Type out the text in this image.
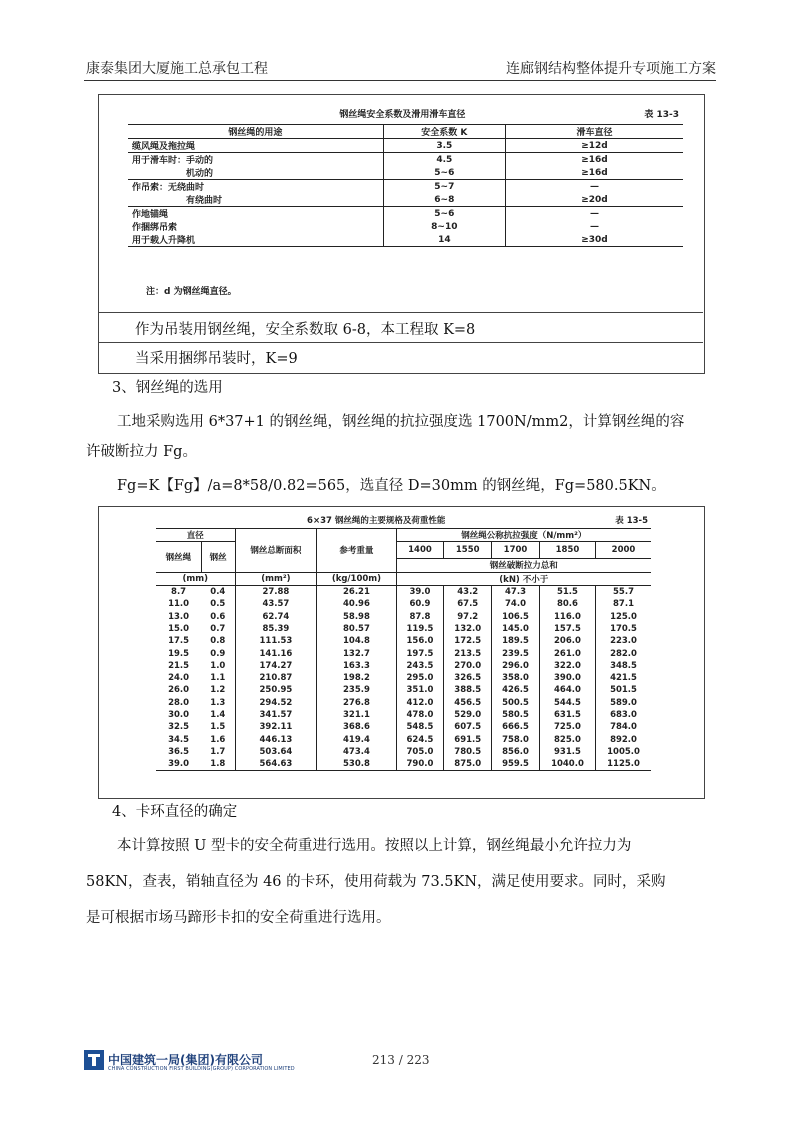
康泰集团大厦施工总承包工程	连廊钢结构整体提升专项施工方案
钢丝绳安全系数及滑用滑车直径		表 13-3
钢丝绳的用途	安全系数 K	滑车直径
缆风绳及拖拉绳	3.5	≥12d
用于滑车时：手动的	4.5	≥16d
机动的	5~6	≥16d
作吊索：无绕曲时	5~7	—
有绕曲时	6~8	≥20d
作地锚绳	5~6	—
作捆绑吊索	8~10	—
用于载人升降机	14	≥30d
注：d 为钢丝绳直径。
作为吊装用钢丝绳，安全系数取 6-8，本工程取 K=8
当采用捆绑吊装时，K=9
3、钢丝绳的选用
工地采购选用 6*37+1 的钢丝绳，钢丝绳的抗拉强度选 1700N/mm2，计算钢丝绳的容
许破断拉力 Fg。
Fg=K【Fg】/a=8*58/0.82=565，选直径 D=30mm 的钢丝绳，Fg=580.5KN。
6×37 钢丝绳的主要规格及荷重性能							表 13-5	
直径		钢丝总断面积	参考重量	钢丝绳公称抗拉强度（N/mm²）				
钢丝绳	钢丝			1400	1550	1700	1850	2000
				钢丝破断拉力总和				
(mm)		(mm²)	(kg/100m)	(kN) 不小于				
8.7	0.4	27.88	26.21	39.0	43.2	47.3	51.5	55.7
11.0	0.5	43.57	40.96	60.9	67.5	74.0	80.6	87.1
13.0	0.6	62.74	58.98	87.8	97.2	106.5	116.0	125.0
15.0	0.7	85.39	80.57	119.5	132.0	145.0	157.5	170.5
17.5	0.8	111.53	104.8	156.0	172.5	189.5	206.0	223.0
19.5	0.9	141.16	132.7	197.5	213.5	239.5	261.0	282.0
21.5	1.0	174.27	163.3	243.5	270.0	296.0	322.0	348.5
24.0	1.1	210.87	198.2	295.0	326.5	358.0	390.0	421.5
26.0	1.2	250.95	235.9	351.0	388.5	426.5	464.0	501.5
28.0	1.3	294.52	276.8	412.0	456.5	500.5	544.5	589.0
30.0	1.4	341.57	321.1	478.0	529.0	580.5	631.5	683.0
32.5	1.5	392.11	368.6	548.5	607.5	666.5	725.0	784.0
34.5	1.6	446.13	419.4	624.5	691.5	758.0	825.0	892.0
36.5	1.7	503.64	473.4	705.0	780.5	856.0	931.5	1005.0
39.0	1.8	564.63	530.8	790.0	875.0	959.5	1040.0	1125.0
4、卡环直径的确定
本计算按照 U 型卡的安全荷重进行选用。按照以上计算，钢丝绳最小允许拉力为
58KN，查表，销轴直径为 46 的卡环，使用荷载为 73.5KN，满足使用要求。同时，采购
是可根据市场马蹄形卡扣的安全荷重进行选用。
中国建筑一局(集团)有限公司
CHINA CONSTRUCTION FIRST BUILDING(GROUP) CORPORATION LIMITED
213 / 223
